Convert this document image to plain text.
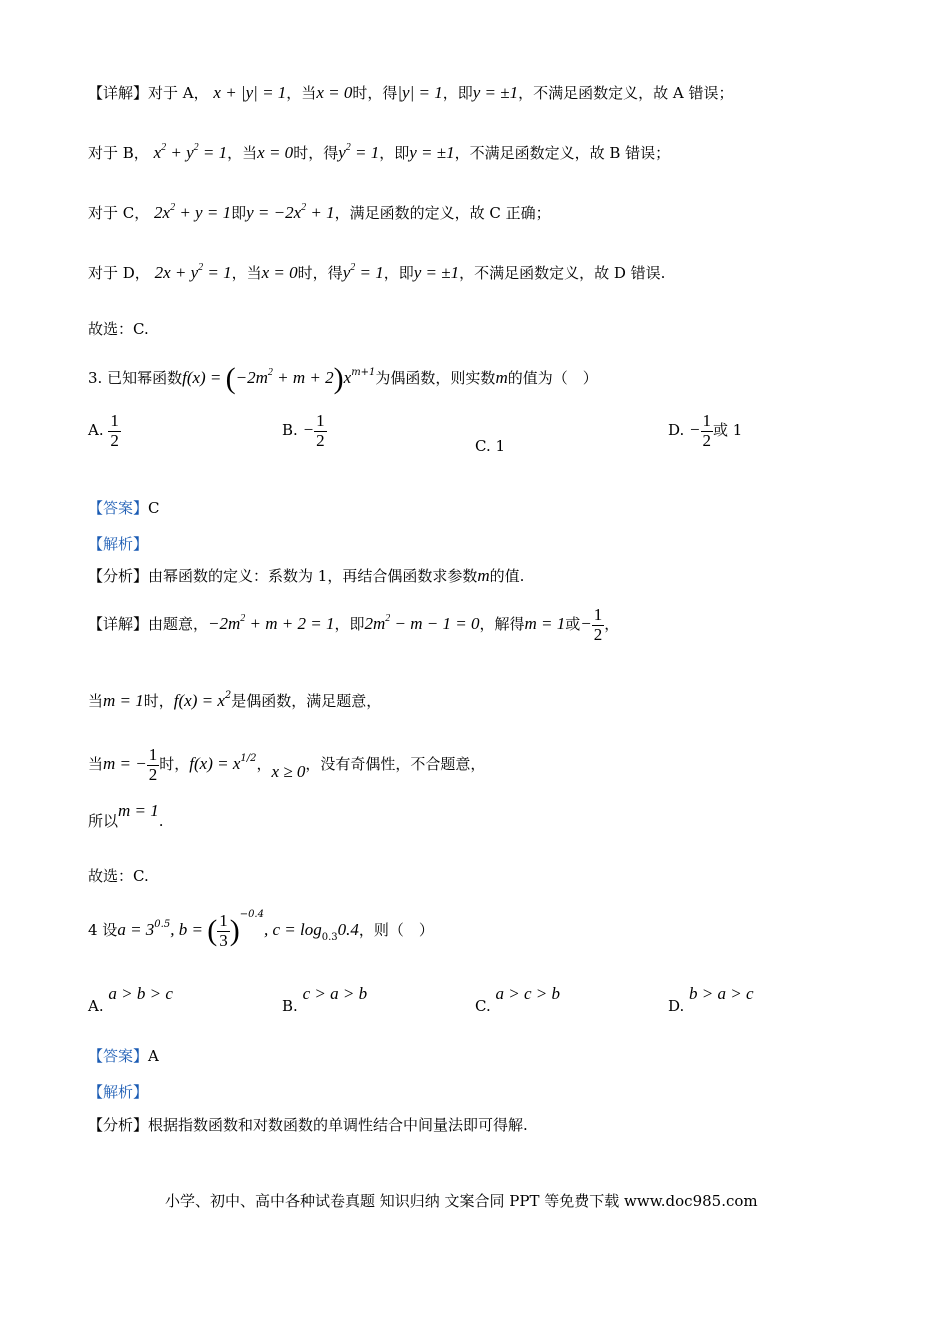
【详解】对于 A， x + |y| = 1，当x = 0时，得|y| = 1，即y = ±1，不满足函数定义，故 A 错误；
对于 B， $x^2 + y^2 = 1$，当x = 0时，得$y^2 = 1$，即y = ±1，不满足函数定义，故 B 错误；
对于 C， $2x^2 + y = 1$即$y = -2x^2 + 1$，满足函数的定义，故 C 正确；
对于 D， $2x + y^2 = 1$，当x = 0时，得$y^2 = 1$，即y = ±1，不满足函数定义，故 D 错误.
故选：C.
3. 已知幂函数$f(x) = (-2m^2 + m + 2)x^{m+1}$为偶函数，则实数m的值为（　）
A. $\frac{1}{2}$	B. − $\frac{1}{2}$	C. 1
D. − $\frac{1}{2}$ 或 1
【答案】C
【解析】
【分析】由幂函数的定义：系数为 1，再结合偶函数求参数m的值.
【详解】由题意，$-2m^2 + m + 2 = 1$，即$2m^2 - m - 1 = 0$，解得m = 1或− $\frac{1}{2}$ ，
当m = 1时，$f(x) = x^2$是偶函数，满足题意，
当m = − $\frac{1}{2}$ 时，$f(x) = x^{1/2}$，x ≥ 0，没有奇偶性，不合题意，
所以m = 1.
故选：C.
4 设$a = 3^{0.5}$, b = ( $\frac{1}{3} )^{-0.4}$, $c = \log_{0.3}0.4$，则（　）
A. a > b > c
B. c > a > b
C. a > c > b
D. b > a > c
【答案】A
【解析】
【分析】根据指数函数和对数函数的单调性结合中间量法即可得解.
小学、初中、高中各种试卷真题 知识归纳 文案合同 PPT 等免费下载 www.doc985.com
